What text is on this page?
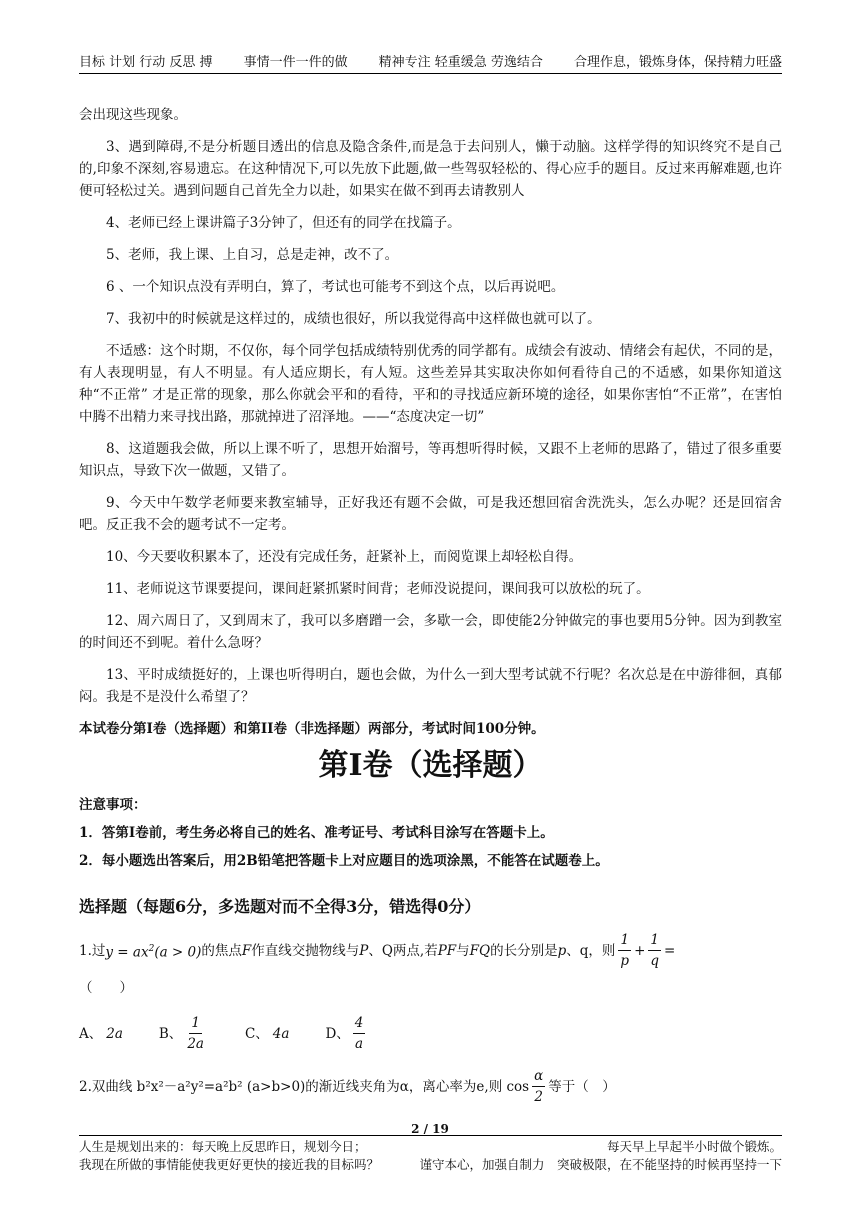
目标 计划 行动 反思 搏 事情一件一件的做 精神专注 轻重缓急 劳逸结合 合理作息，锻炼身体，保持精力旺盛

会出现这些现象。

3、遇到障碍,不是分析题目透出的信息及隐含条件,而是急于去问别人，懒于动脑。这样学得的知识终究不是自己的,印象不深刻,容易遗忘。在这种情况下,可以先放下此题,做一些驾驭轻松的、得心应手的题目。反过来再解难题,也许便可轻松过关。遇到问题自己首先全力以赴，如果实在做不到再去请教别人

4、老师已经上课讲篇子3分钟了，但还有的同学在找篇子。

5、老师，我上课、上自习，总是走神，改不了。

6 、一个知识点没有弄明白，算了，考试也可能考不到这个点，以后再说吧。

7、我初中的时候就是这样过的，成绩也很好，所以我觉得高中这样做也就可以了。

不适感：这个时期，不仅你，每个同学包括成绩特别优秀的同学都有。成绩会有波动、情绪会有起伏，不同的是，有人表现明显，有人不明显。有人适应期长，有人短。这些差异其实取决你如何看待自己的不适感，如果你知道这种“不正常” 才是正常的现象，那么你就会平和的看待，平和的寻找适应新环境的途径，如果你害怕“不正常”，在害怕中腾不出精力来寻找出路，那就掉进了沼泽地。——“态度决定一切”

8、这道题我会做，所以上课不听了，思想开始溜号，等再想听得时候，又跟不上老师的思路了，错过了很多重要知识点，导致下次一做题，又错了。

9、今天中午数学老师要来教室辅导，正好我还有题不会做，可是我还想回宿舍洗洗头，怎么办呢？还是回宿舍吧。反正我不会的题考试不一定考。

10、今天要收积累本了，还没有完成任务，赶紧补上，而阅览课上却轻松自得。

11、老师说这节课要提问，课间赶紧抓紧时间背；老师没说提问，课间我可以放松的玩了。

12、周六周日了，又到周末了，我可以多磨蹭一会，多歇一会，即使能2分钟做完的事也要用5分钟。因为到教室的时间还不到呢。着什么急呀？

13、平时成绩挺好的，上课也听得明白，题也会做，为什么一到大型考试就不行呢？名次总是在中游徘徊，真郁闷。我是不是没什么希望了？

本试卷分第Ⅰ卷（选择题）和第II卷（非选择题）两部分，考试时间100分钟。

第Ⅰ卷（选择题）

注意事项：

1．答第Ⅰ卷前，考生务必将自己的姓名、准考证号、考试科目涂写在答题卡上。

2．每小题选出答案后，用2B铅笔把答题卡上对应题目的选项涂黑，不能答在试题卷上。

选择题（每题6分，多选题对而不全得3分，错选得0分）
1.过 $y = ax^2(a > 0)$ 的焦点 F 作直线交抛物线与 P 、Q两点,若 PF 与 FQ 的长分别是 p 、q，则 $\frac{1}{p} + \frac{1}{q}$ =
（　　）
A、 2a	B、 $\frac{1}{2a}$	C、 4a	D、 $\frac{4}{a}$
2.双曲线 b²x²－a²y²=a²b² (a>b>0)的渐近线夹角为α，离心率为e,则 $\cos \frac{\alpha}{2}$ 等于（　）
2 / 19
人生是规划出来的：每天晚上反思昨日，规划今日；	每天早上早起半小时做个锻炼。
我现在所做的事情能使我更好更快的接近我的目标吗？	谨守本心，加强自制力　突破极限，在不能坚持的时候再坚持一下
